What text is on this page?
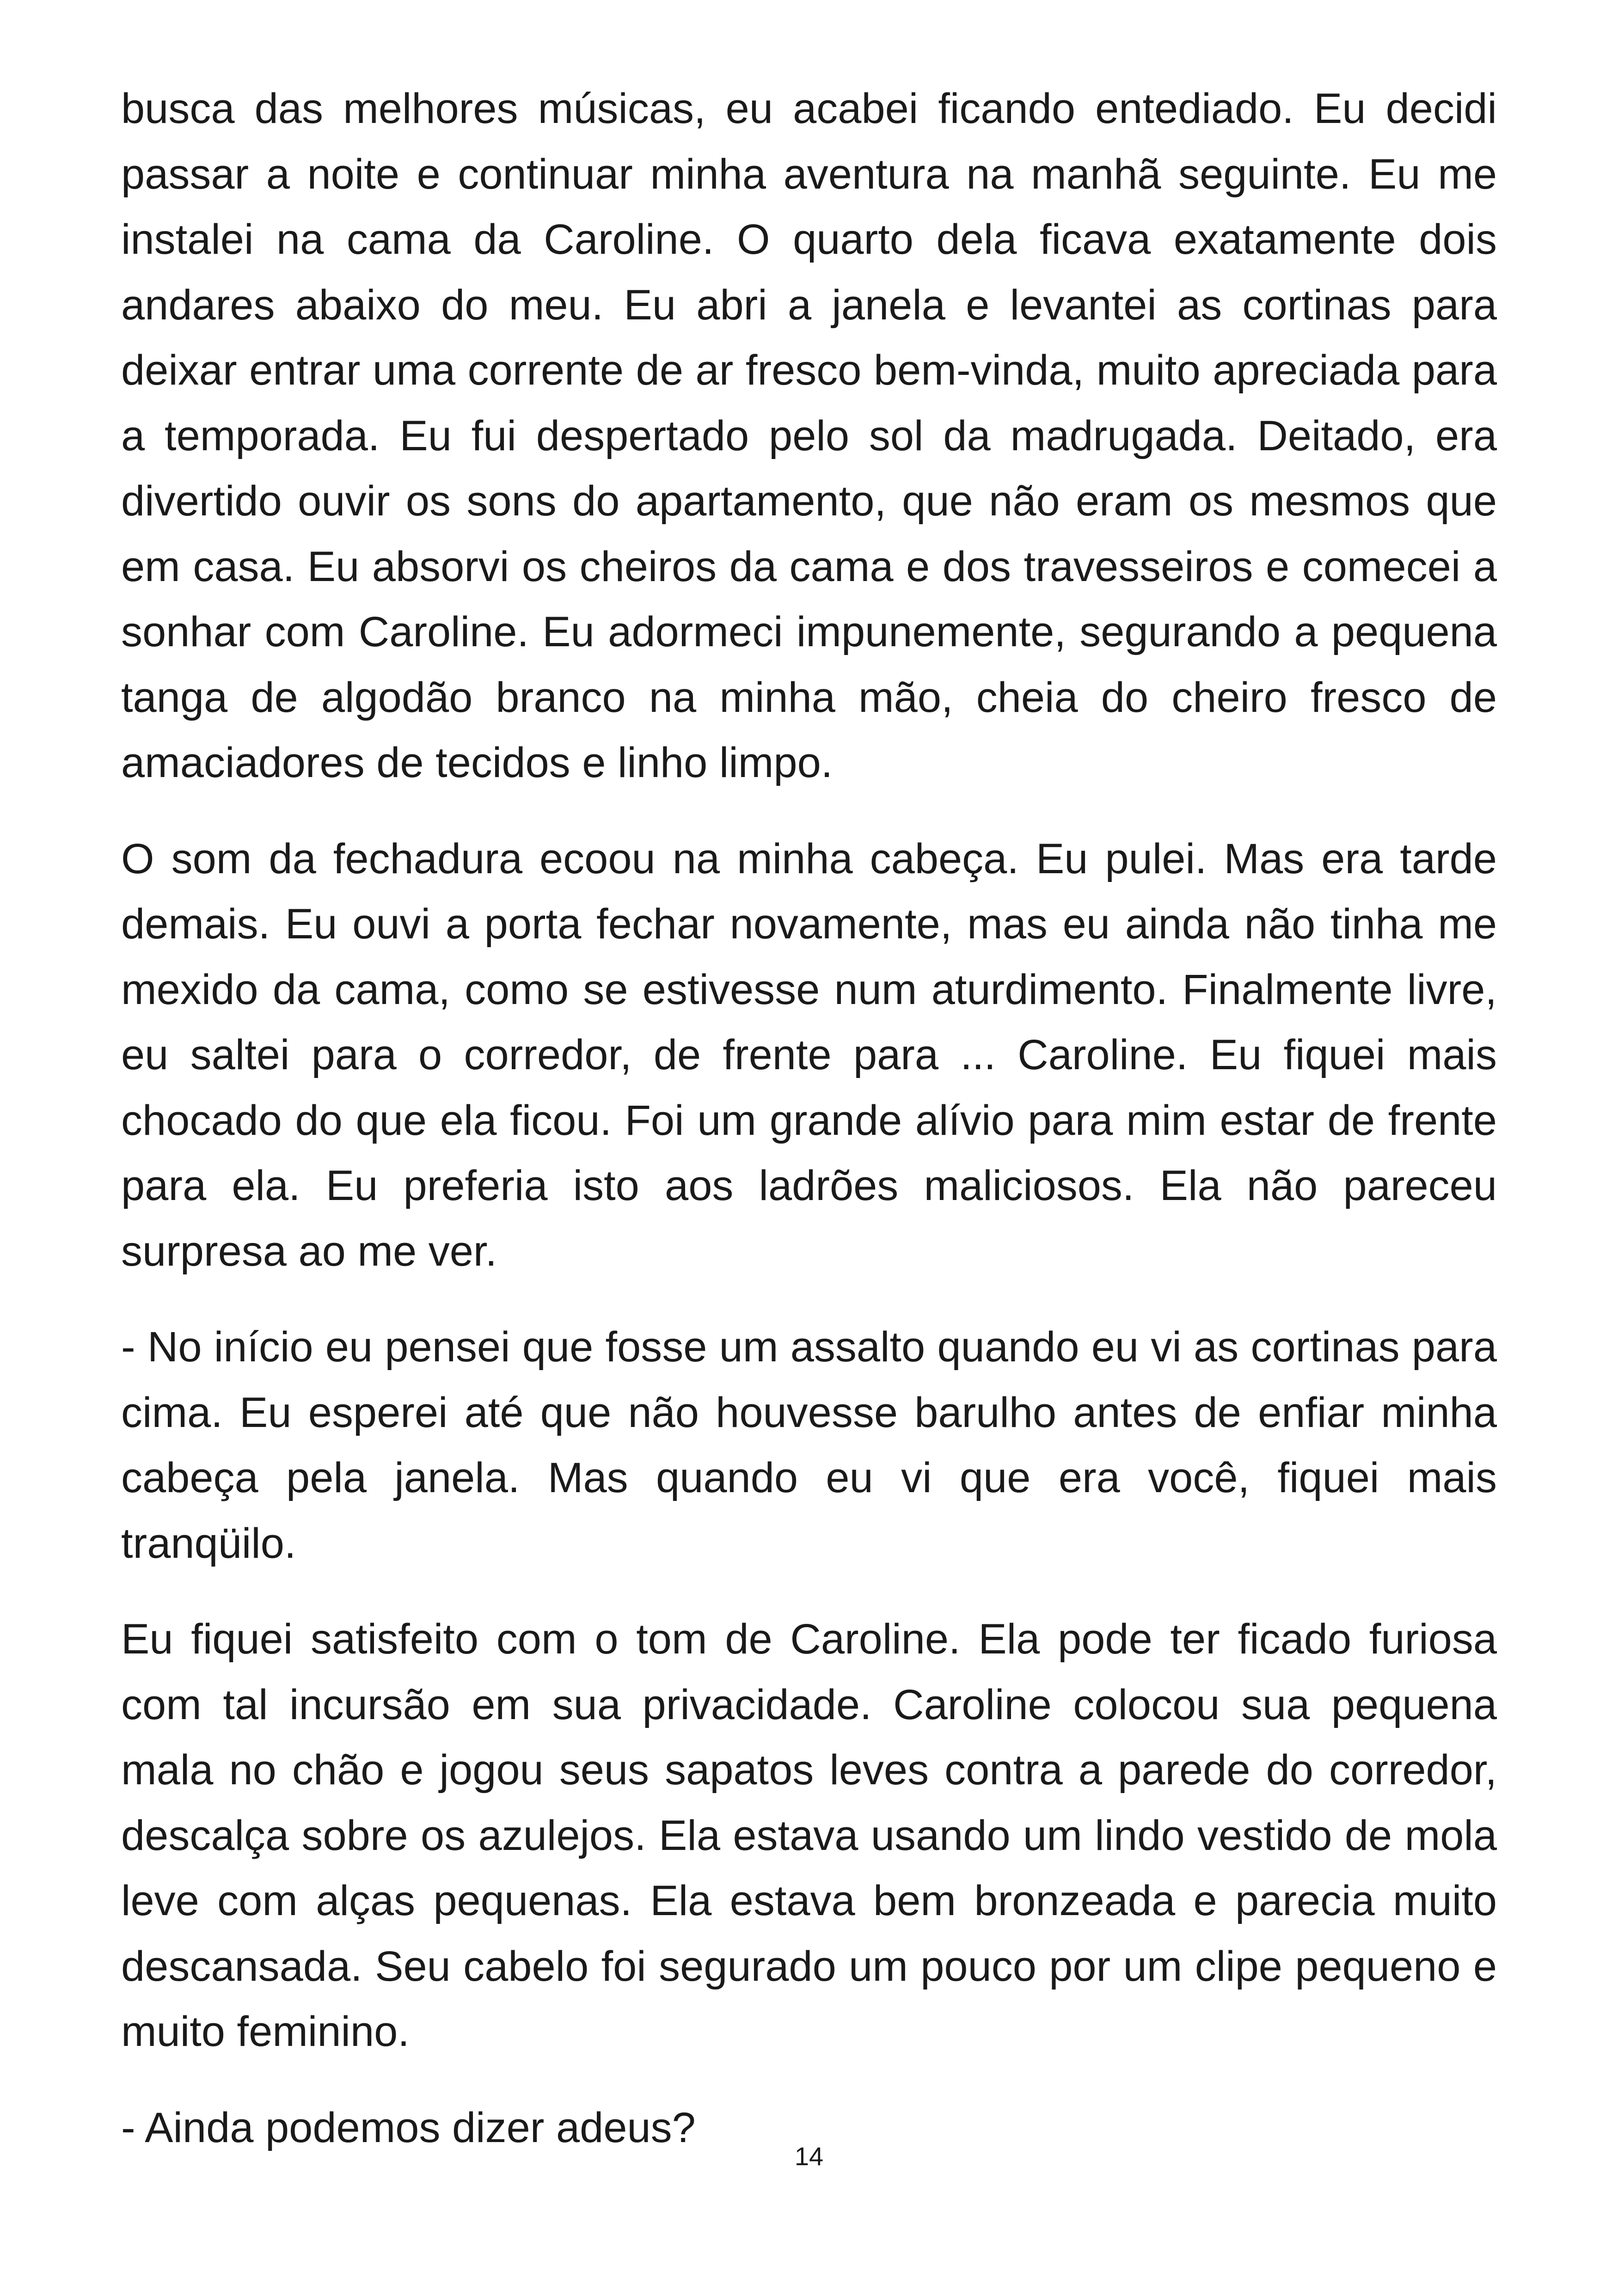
busca das melhores músicas, eu acabei ficando entediado. Eu decidi passar a noite e continuar minha aventura na manhã seguinte. Eu me instalei na cama da Caroline. O quarto dela ficava exatamente dois andares abaixo do meu. Eu abri a janela e levantei as cortinas para deixar entrar uma corrente de ar fresco bem-vinda, muito apreciada para a temporada. Eu fui despertado pelo sol da madrugada. Deitado, era divertido ouvir os sons do apartamento, que não eram os mesmos que em casa. Eu absorvi os cheiros da cama e dos travesseiros e comecei a sonhar com Caroline. Eu adormeci impunemente, segurando a pequena tanga de algodão branco na minha mão, cheia do cheiro fresco de amaciadores de tecidos e linho limpo.

O som da fechadura ecoou na minha cabeça. Eu pulei. Mas era tarde demais. Eu ouvi a porta fechar novamente, mas eu ainda não tinha me mexido da cama, como se estivesse num aturdimento. Finalmente livre, eu saltei para o corredor, de frente para ... Caroline. Eu fiquei mais chocado do que ela ficou. Foi um grande alívio para mim estar de frente para ela. Eu preferia isto aos ladrões maliciosos. Ela não pareceu surpresa ao me ver.

- No início eu pensei que fosse um assalto quando eu vi as cortinas para cima. Eu esperei até que não houvesse barulho antes de enfiar minha cabeça pela janela. Mas quando eu vi que era você, fiquei mais tranqüilo.

Eu fiquei satisfeito com o tom de Caroline. Ela pode ter ficado furiosa com tal incursão em sua privacidade. Caroline colocou sua pequena mala no chão e jogou seus sapatos leves contra a parede do corredor, descalça sobre os azulejos. Ela estava usando um lindo vestido de mola leve com alças pequenas. Ela estava bem bronzeada e parecia muito descansada. Seu cabelo foi segurado um pouco por um clipe pequeno e muito feminino.

- Ainda podemos dizer adeus?

14
